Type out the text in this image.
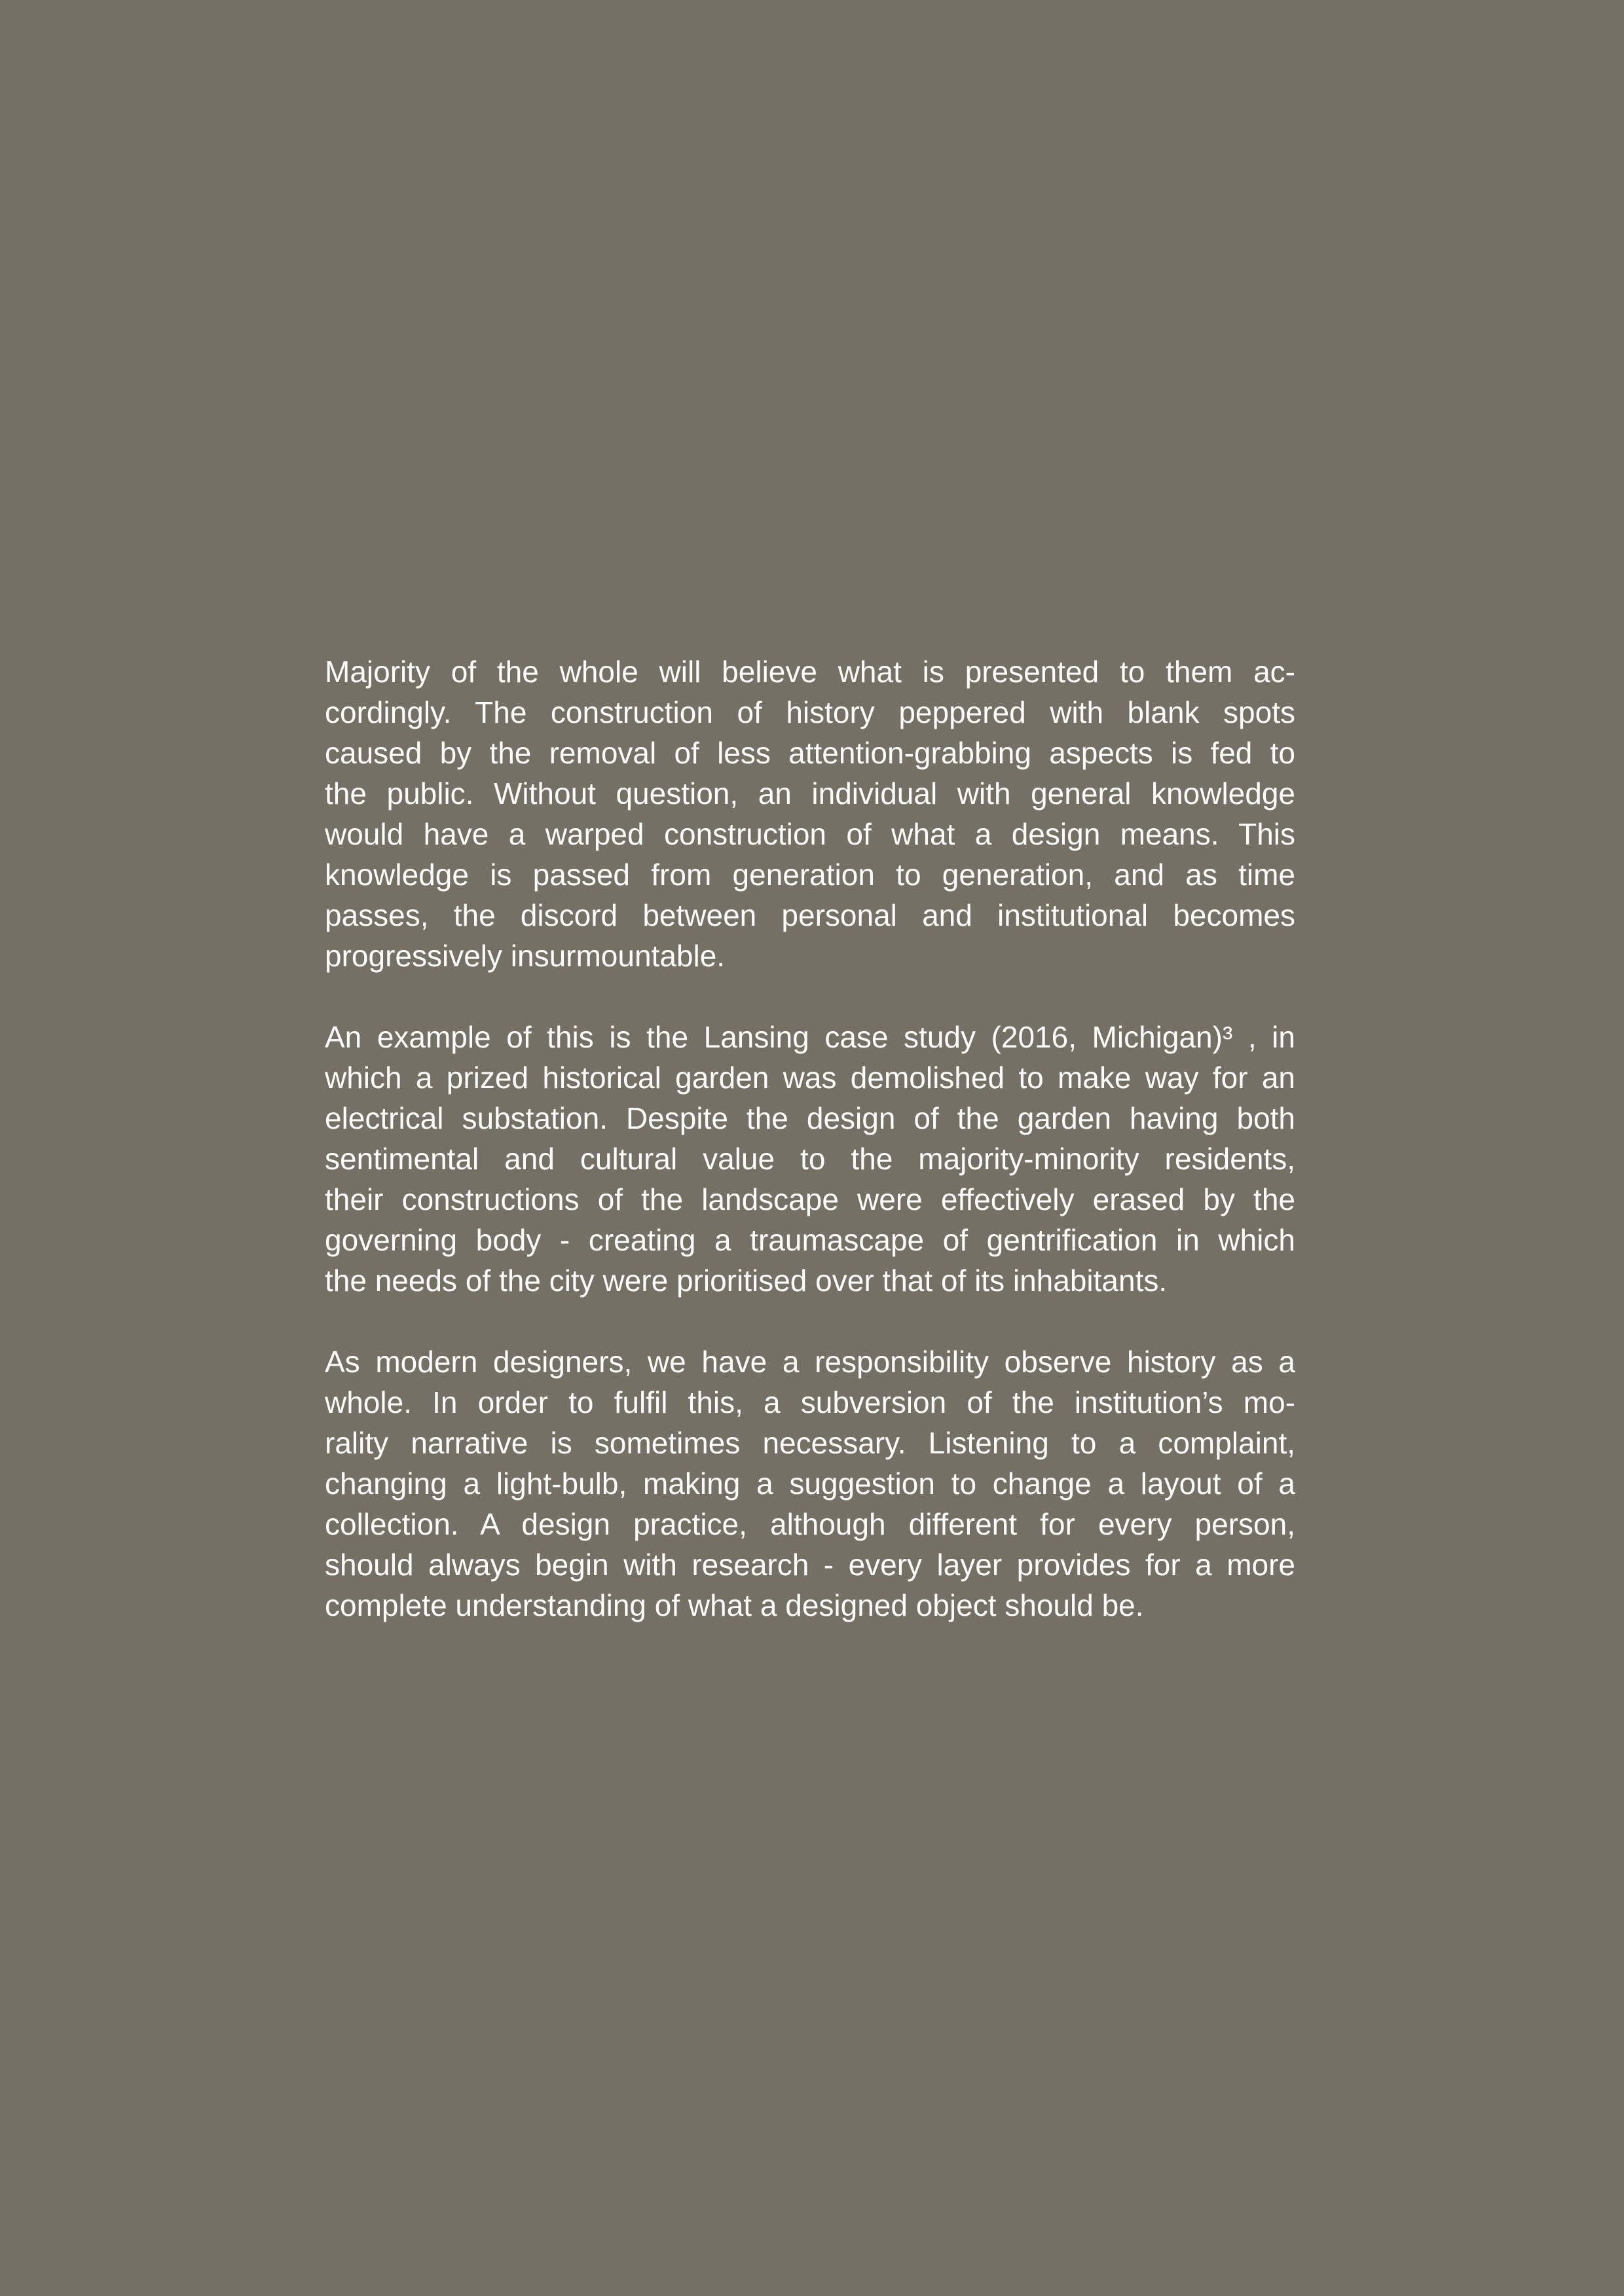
Majority of the whole will believe what is presented to them ac-
cordingly. The construction of history peppered with blank spots
caused by the removal of less attention-grabbing aspects is fed to
the public. Without question, an individual with general knowledge
would have a warped construction of what a design means. This
knowledge is passed from generation to generation, and as time
passes, the discord between personal and institutional becomes
progressively insurmountable.
An example of this is the Lansing case study (2016, Michigan)³ , in
which a prized historical garden was demolished to make way for an
electrical substation. Despite the design of the garden having both
sentimental and cultural value to the majority-minority residents,
their constructions of the landscape were effectively erased by the
governing body - creating a traumascape of gentrification in which
the needs of the city were prioritised over that of its inhabitants.
As modern designers, we have a responsibility observe history as a
whole. In order to fulfil this, a subversion of the institution’s mo-
rality narrative is sometimes necessary. Listening to a complaint,
changing a light-bulb, making a suggestion to change a layout of a
collection. A design practice, although different for every person,
should always begin with research - every layer provides for a more
complete understanding of what a designed object should be.
